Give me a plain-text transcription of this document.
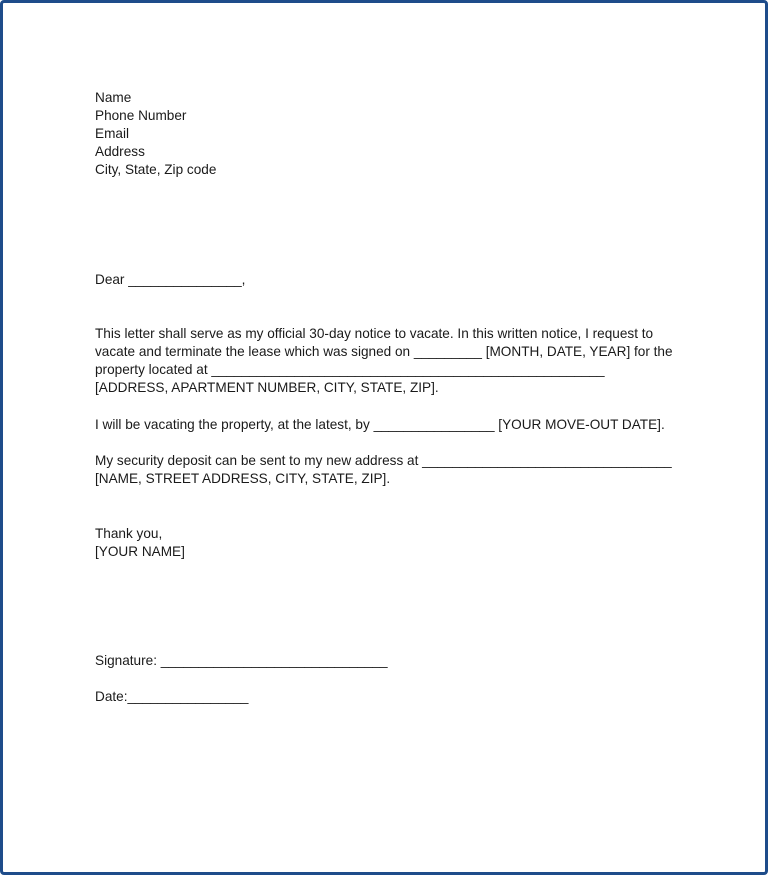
Name
Phone Number
Email
Address
City, State, Zip code
Dear _______________,
This letter shall serve as my official 30-day notice to vacate. In this written notice, I request to
vacate and terminate the lease which was signed on _________ [MONTH, DATE, YEAR] for the
property located at ____________________________________________________
[ADDRESS, APARTMENT NUMBER, CITY, STATE, ZIP].
I will be vacating the property, at the latest, by ________________ [YOUR MOVE-OUT DATE].
My security deposit can be sent to my new address at _________________________________
[NAME, STREET ADDRESS, CITY, STATE, ZIP].
Thank you,
[YOUR NAME]
Signature: ______________________________
Date:________________
